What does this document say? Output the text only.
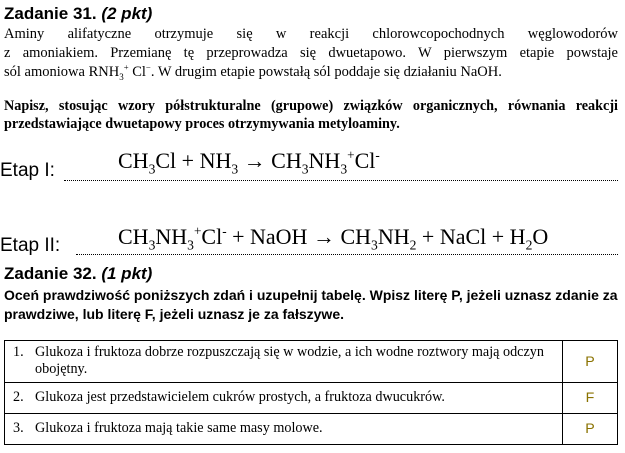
Zadanie 31. (2 pkt)
Aminy alifatyczne otrzymuje się w reakcji chlorowcopochodnych węglowodorów
z amoniakiem. Przemianę tę przeprowadza się dwuetapowo. W pierwszym etapie powstaje
sól amoniowa $RNH_3^+$ Cl−. W drugim etapie powstałą sól poddaje się działaniu NaOH.
Napisz, stosując wzory półstrukturalne (grupowe) związków organicznych, równania reakcji przedstawiające dwuetapowy proces otrzymywania metyloaminy.
Etap I:	$CH_3Cl + NH_3 \to CH_3NH_3^+Cl^-$
Etap II:	$CH_3NH_3^+Cl^-$ + NaOH → $CH_3NH_2$ + NaCl + $H_2O$
Zadanie 32. (1 pkt)
Oceń prawdziwość poniższych zdań i uzupełnij tabelę. Wpisz literę P, jeżeli uznasz zdanie za prawdziwe, lub literę F, jeżeli uznasz je za fałszywe.
1. Glukoza i fruktoza dobrze rozpuszczają się w wodzie, a ich wodne roztwory mają odczyn obojętny.	P

2. Glukoza jest przedstawicielem cukrów prostych, a fruktoza dwucukrów.	F

3. Glukoza i fruktoza mają takie same masy molowe.	P
